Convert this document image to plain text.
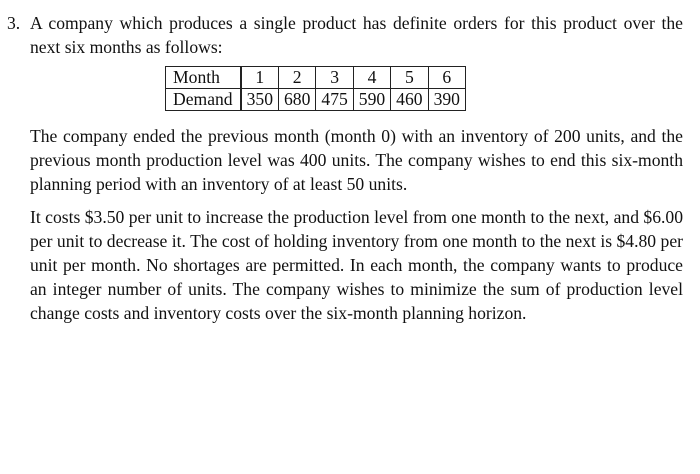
3. A company which produces a single product has definite orders for this product over the next six months as follows:
Month	1	2	3	4	5	6
Demand	350	680	475	590	460	390
The company ended the previous month (month 0) with an inventory of 200 units, and the previous month production level was 400 units. The company wishes to end this six-month planning period with an inventory of at least 50 units.
It costs $3.50 per unit to increase the production level from one month to the next, and $6.00 per unit to decrease it. The cost of holding inventory from one month to the next is $4.80 per unit per month. No shortages are permitted. In each month, the company wants to produce an integer number of units. The company wishes to minimize the sum of production level change costs and inventory costs over the six-month planning horizon.
